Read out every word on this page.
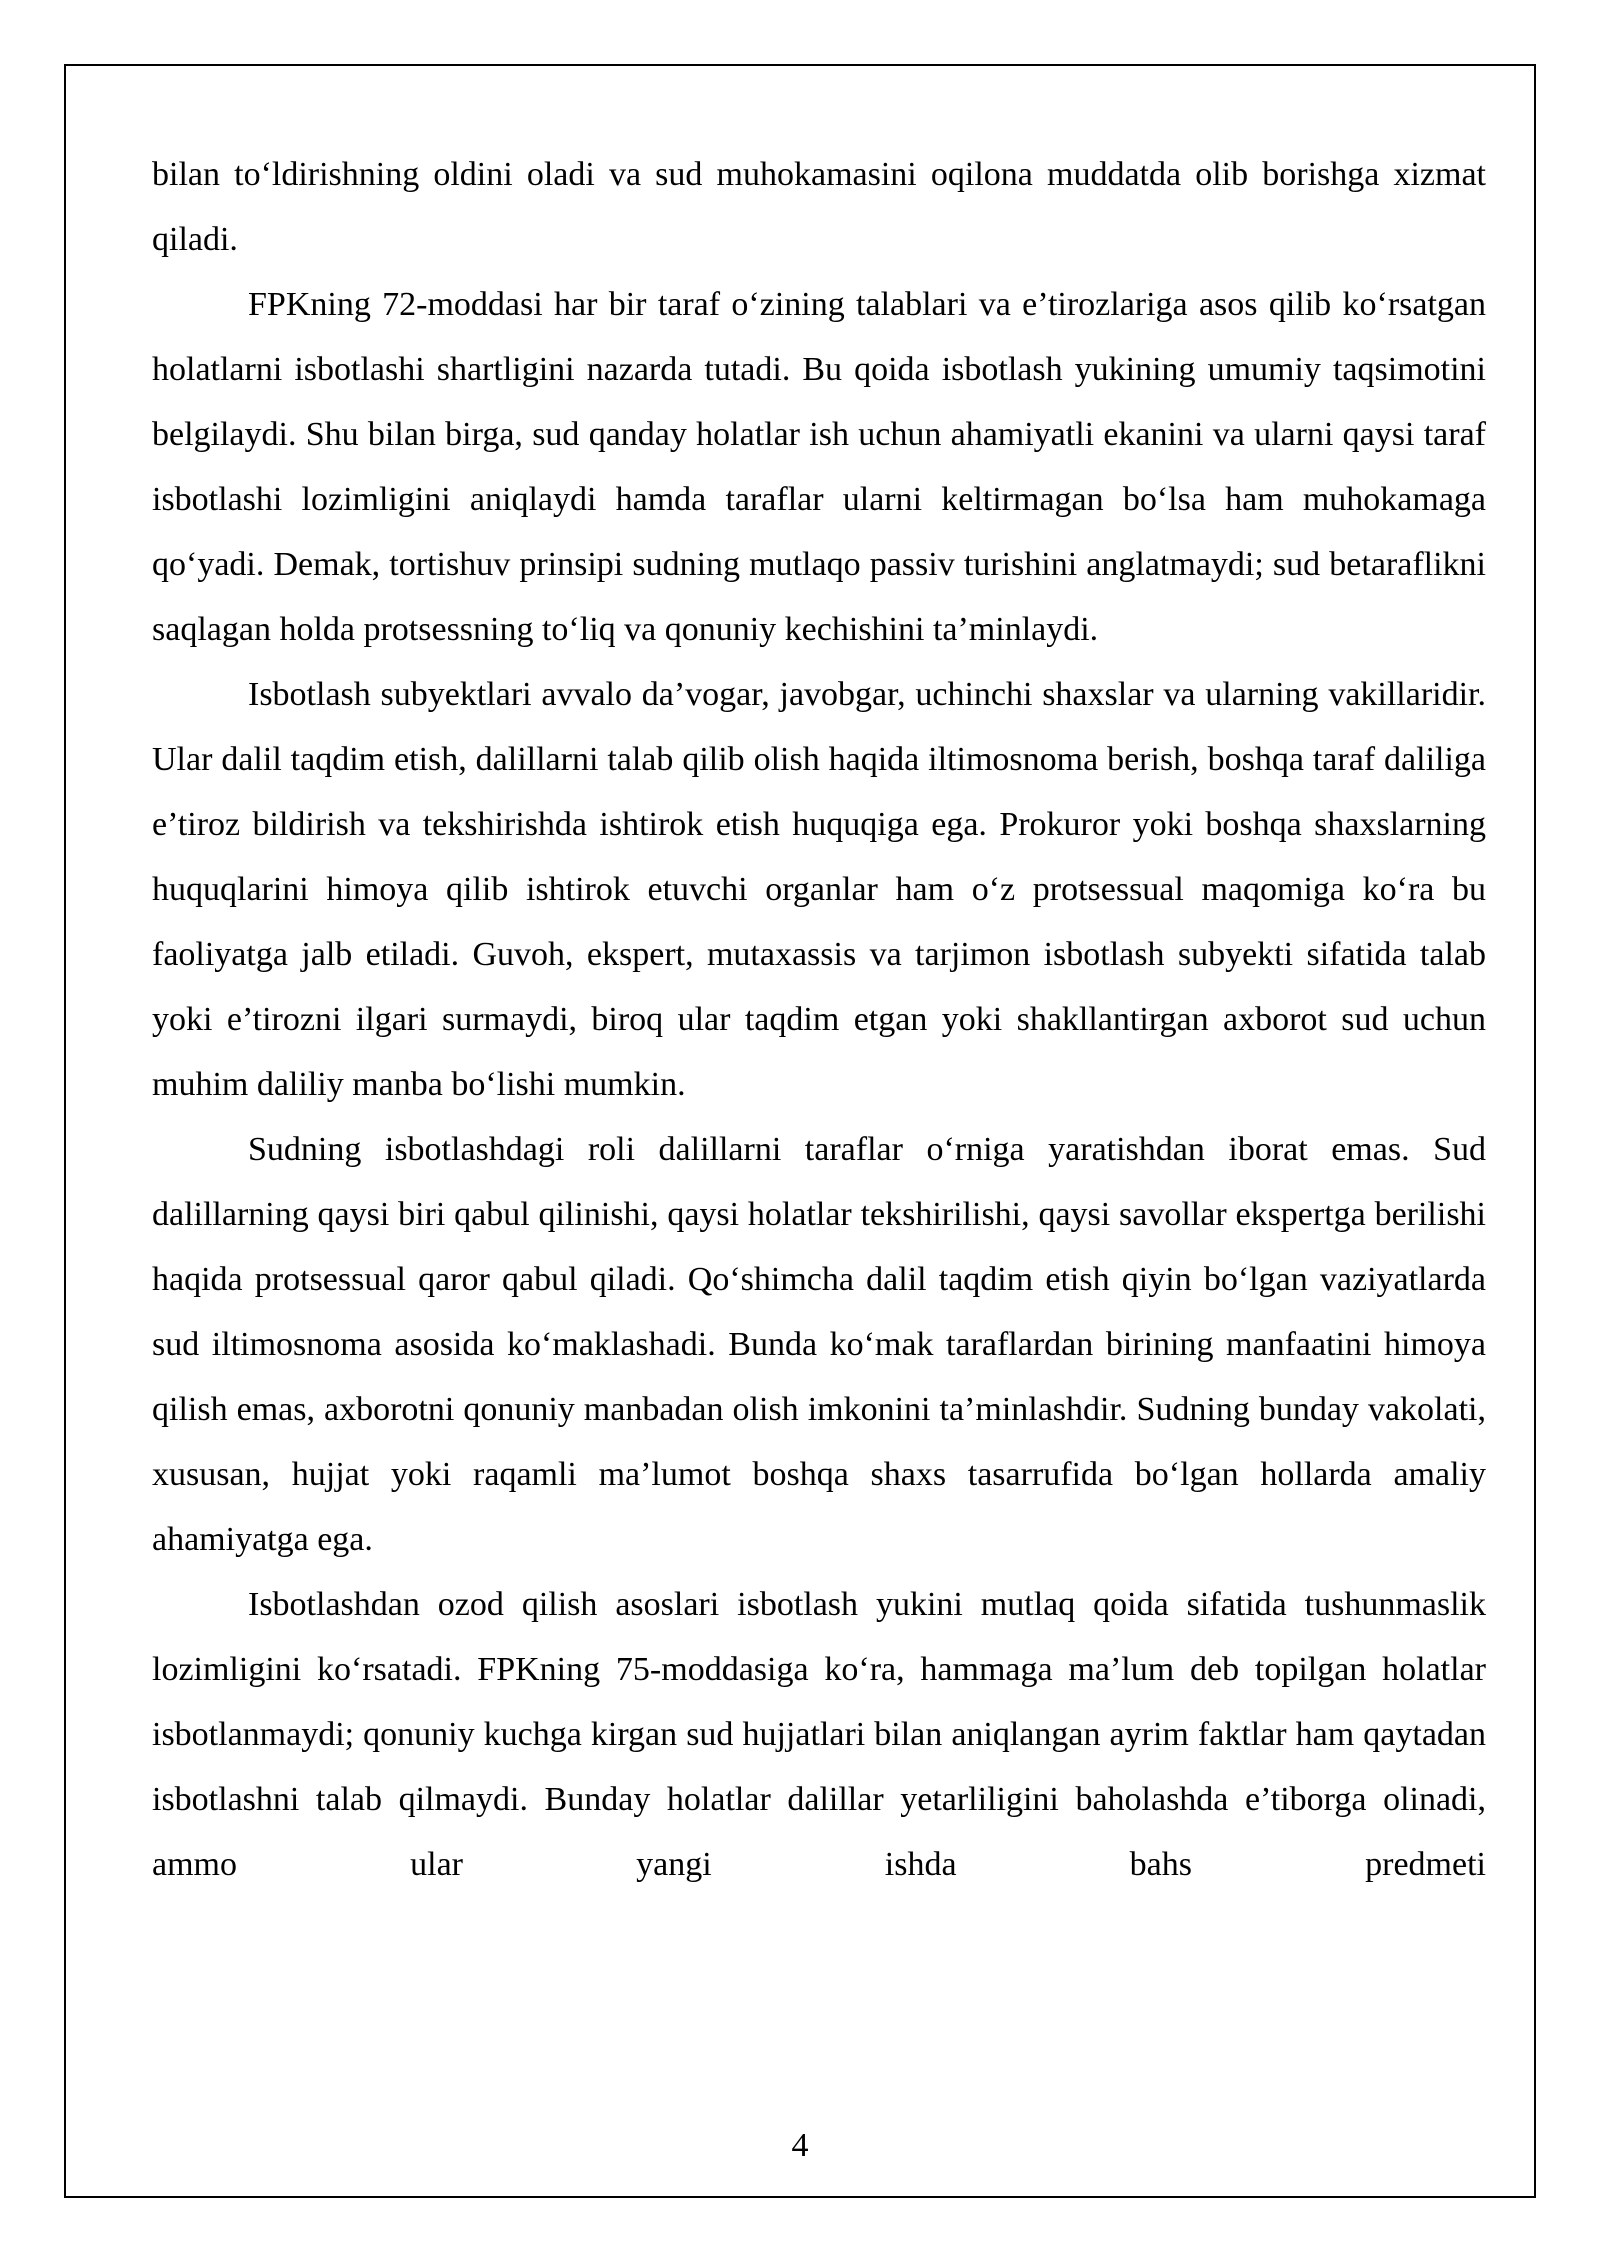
bilan to‘ldirishning oldini oladi va sud muhokamasini oqilona muddatda olib borishga xizmat qiladi.

FPKning 72-moddasi har bir taraf o‘zining talablari va e’tirozlariga asos qilib ko‘rsatgan holatlarni isbotlashi shartligini nazarda tutadi. Bu qoida isbotlash yukining umumiy taqsimotini belgilaydi. Shu bilan birga, sud qanday holatlar ish uchun ahamiyatli ekanini va ularni qaysi taraf isbotlashi lozimligini aniqlaydi hamda taraflar ularni keltirmagan bo‘lsa ham muhokamaga qo‘yadi. Demak, tortishuv prinsipi sudning mutlaqo passiv turishini anglatmaydi; sud betaraflikni saqlagan holda protsessning to‘liq va qonuniy kechishini ta’minlaydi.

Isbotlash subyektlari avvalo da’vogar, javobgar, uchinchi shaxslar va ularning vakillaridir. Ular dalil taqdim etish, dalillarni talab qilib olish haqida iltimosnoma berish, boshqa taraf daliliga e’tiroz bildirish va tekshirishda ishtirok etish huquqiga ega. Prokuror yoki boshqa shaxslarning huquqlarini himoya qilib ishtirok etuvchi organlar ham o‘z protsessual maqomiga ko‘ra bu faoliyatga jalb etiladi. Guvoh, ekspert, mutaxassis va tarjimon isbotlash subyekti sifatida talab yoki e’tirozni ilgari surmaydi, biroq ular taqdim etgan yoki shakllantirgan axborot sud uchun muhim daliliy manba bo‘lishi mumkin.

Sudning isbotlashdagi roli dalillarni taraflar o‘rniga yaratishdan iborat emas. Sud dalillarning qaysi biri qabul qilinishi, qaysi holatlar tekshirilishi, qaysi savollar ekspertga berilishi haqida protsessual qaror qabul qiladi. Qo‘shimcha dalil taqdim etish qiyin bo‘lgan vaziyatlarda sud iltimosnoma asosida ko‘maklashadi. Bunda ko‘mak taraflardan birining manfaatini himoya qilish emas, axborotni qonuniy manbadan olish imkonini ta’minlashdir. Sudning bunday vakolati, xususan, hujjat yoki raqamli ma’lumot boshqa shaxs tasarrufida bo‘lgan hollarda amaliy ahamiyatga ega.

Isbotlashdan ozod qilish asoslari isbotlash yukini mutlaq qoida sifatida tushunmaslik lozimligini ko‘rsatadi. FPKning 75-moddasiga ko‘ra, hammaga ma’lum deb topilgan holatlar isbotlanmaydi; qonuniy kuchga kirgan sud hujjatlari bilan aniqlangan ayrim faktlar ham qaytadan isbotlashni talab qilmaydi. Bunday holatlar dalillar yetarliligini baholashda e’tiborga olinadi, ammo ular yangi ishda bahs predmeti

4
